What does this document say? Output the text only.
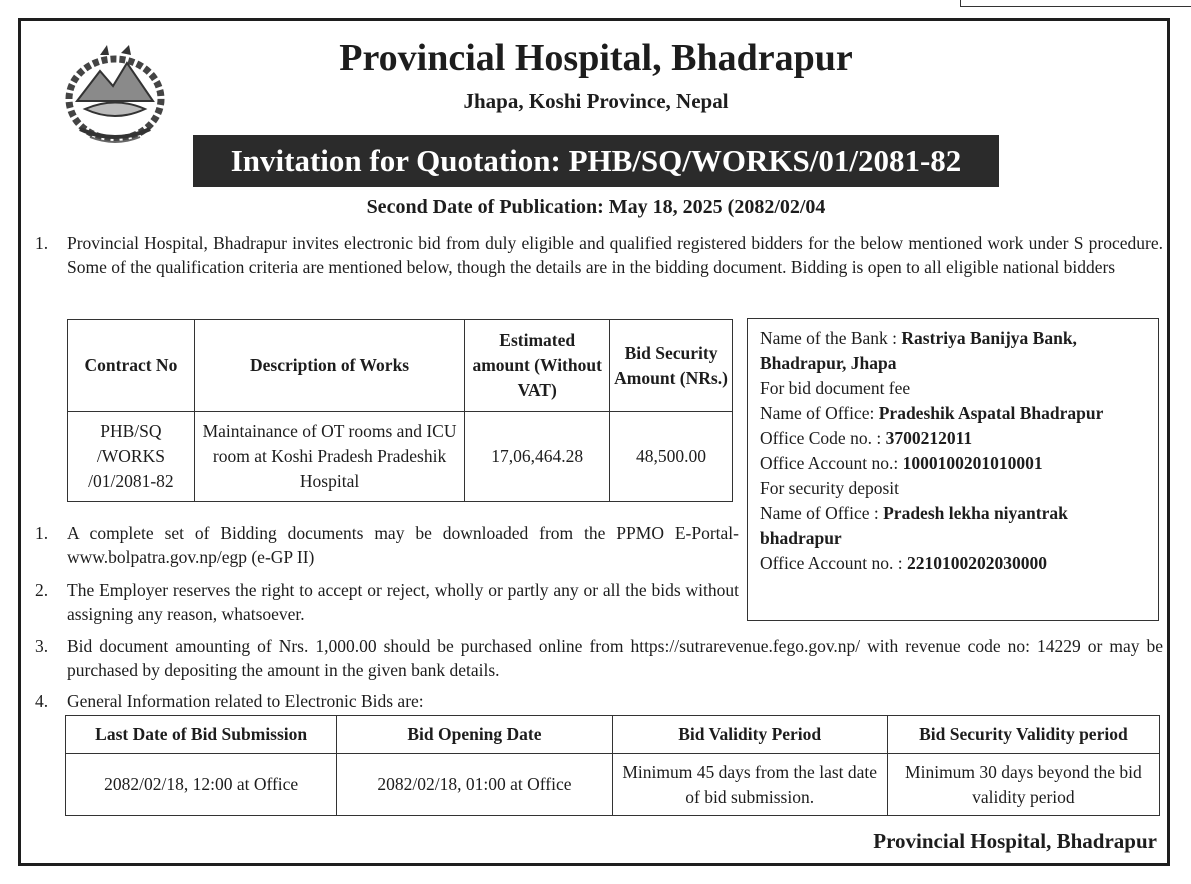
Provincial Hospital, Bhadrapur
Jhapa, Koshi Province, Nepal
Invitation for Quotation: PHB/SQ/WORKS/01/2081-82
Second Date of Publication: May 18, 2025 (2082/02/04
1. Provincial Hospital, Bhadrapur invites electronic bid from duly eligible and qualified registered bidders for the below mentioned work under S procedure. Some of the qualification criteria are mentioned below, though the details are in the bidding document. Bidding is open to all eligible national bidders
Contract No	Description of Works	Estimated amount (Without VAT)	Bid Security Amount (NRs.)
PHB/SQ /WORKS /01/2081-82	Maintainance of OT rooms and ICU room at Koshi Pradesh Pradeshik Hospital	17,06,464.28	48,500.00
Name of the Bank : Rastriya Banijya Bank, Bhadrapur, Jhapa
For bid document fee
Name of Office: Pradeshik Aspatal Bhadrapur
Office Code no. : 3700212011
Office Account no.: 1000100201010001
For security deposit
Name of Office : Pradesh lekha niyantrak bhadrapur
Office Account no. : 2210100202030000
1. A complete set of Bidding documents may be downloaded from the PPMO E-Portal-www.bolpatra.gov.np/egp (e-GP II)
2. The Employer reserves the right to accept or reject, wholly or partly any or all the bids without assigning any reason, whatsoever.
3. Bid document amounting of Nrs. 1,000.00 should be purchased online from https://sutrarevenue.fego.gov.np/ with revenue code no: 14229 or may be purchased by depositing the amount in the given bank details.
4. General Information related to Electronic Bids are:
Last Date of Bid Submission	Bid Opening Date	Bid Validity Period	Bid Security Validity period
2082/02/18, 12:00 at Office	2082/02/18, 01:00 at Office	Minimum 45 days from the last date of bid submission.	Minimum 30 days beyond the bid validity period
Provincial Hospital, Bhadrapur
